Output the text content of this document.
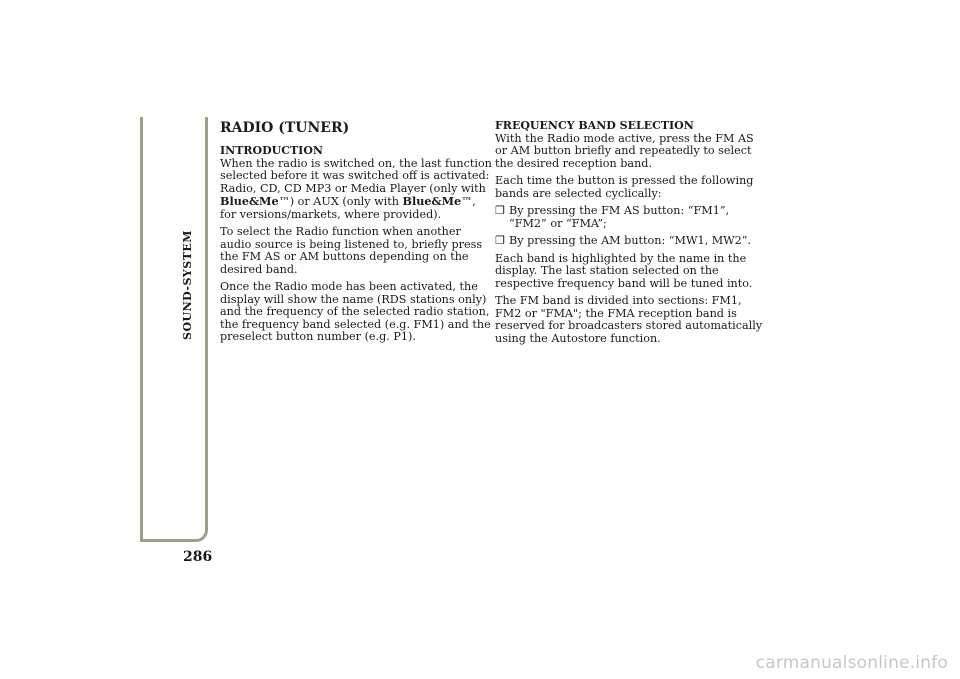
SOUND-SYSTEM
286
RADIO (TUNER)
INTRODUCTION

When the radio is switched on, the last function selected before it was switched off is activated: Radio, CD, CD MP3 or Media Player (only with Blue&Me™) or AUX (only with Blue&Me™, for versions/markets, where provided).

To select the Radio function when another audio source is being listened to, briefly press the FM AS or AM buttons depending on the desired band.

Once the Radio mode has been activated, the display will show the name (RDS stations only) and the frequency of the selected radio station, the frequency band selected (e.g. FM1) and the preselect button number (e.g. P1).

FREQUENCY BAND SELECTION

With the Radio mode active, press the FM AS or AM button briefly and repeatedly to select the desired reception band.

Each time the button is pressed the following bands are selected cyclically:

❒ By pressing the FM AS button: “FM1”, “FM2” or “FMA”;
❒ By pressing the AM button: “MW1, MW2”.

Each band is highlighted by the name in the display. The last station selected on the respective frequency band will be tuned into.

The FM band is divided into sections: FM1, FM2 or "FMA"; the FMA reception band is reserved for broadcasters stored automatically using the Autostore function.

carmanualsonline.info
